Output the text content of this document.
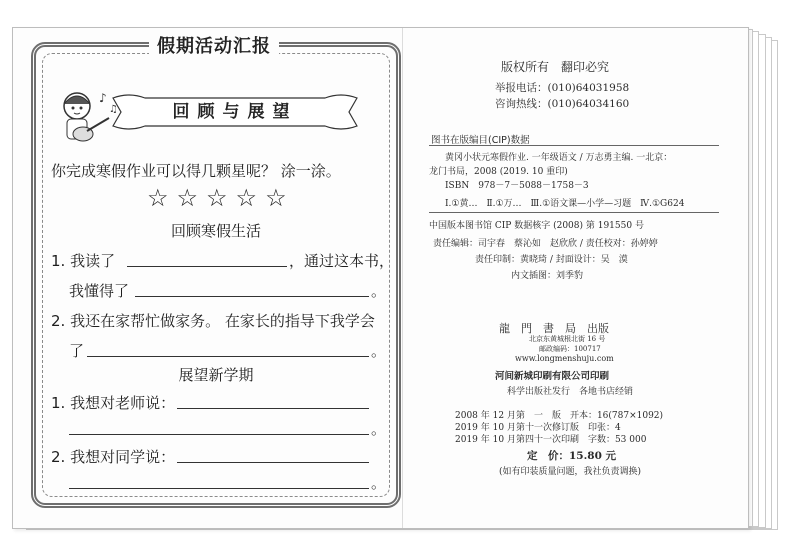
假期活动汇报
♪
♫	回顾与展望
你完成寒假作业可以得几颗星呢？ 涂一涂。
☆☆☆☆☆
回顾寒假生活
1. 我读了	，通过这本书，
我懂得了	。
2. 我还在家帮忙做家务。 在家长的指导下我学会
了	。
展望新学期
1. 我想对老师说：
。
2. 我想对同学说：
。
版权所有　翻印必究
举报电话：(010)64031958
咨询热线：(010)64034160
图书在版编目(CIP)数据
黄冈小状元寒假作业. 一年级语文 / 万志勇主编. 一北京：
龙门书局，2008 (2019. 10 重印)
ISBN　978－7－5088－1758－3
Ⅰ.①黄…　Ⅱ.①万…　Ⅲ.①语文课—小学—习题　Ⅳ.①G624
中国版本图书馆 CIP 数据核字 (2008) 第 191550 号
责任编辑：司宇春　蔡沁如　赵欣欣 / 责任校对：孙婷婷
责任印制：黄晓琦 / 封面设计：吴　漠
内文插图：刘季豹
龍　門　書　局　出版
北京东黄城根北街 16 号
邮政编码：100717
www.longmenshuju.com
河间新城印刷有限公司印刷
科学出版社发行　各地书店经销
2008 年 12 月第　一　版　开本：16(787×1092)
2019 年 10 月第十一次修订版　印张：4
2019 年 10 月第四十一次印刷　字数：53 000
定　价：15.80 元
(如有印装质量问题，我社负责调换)
